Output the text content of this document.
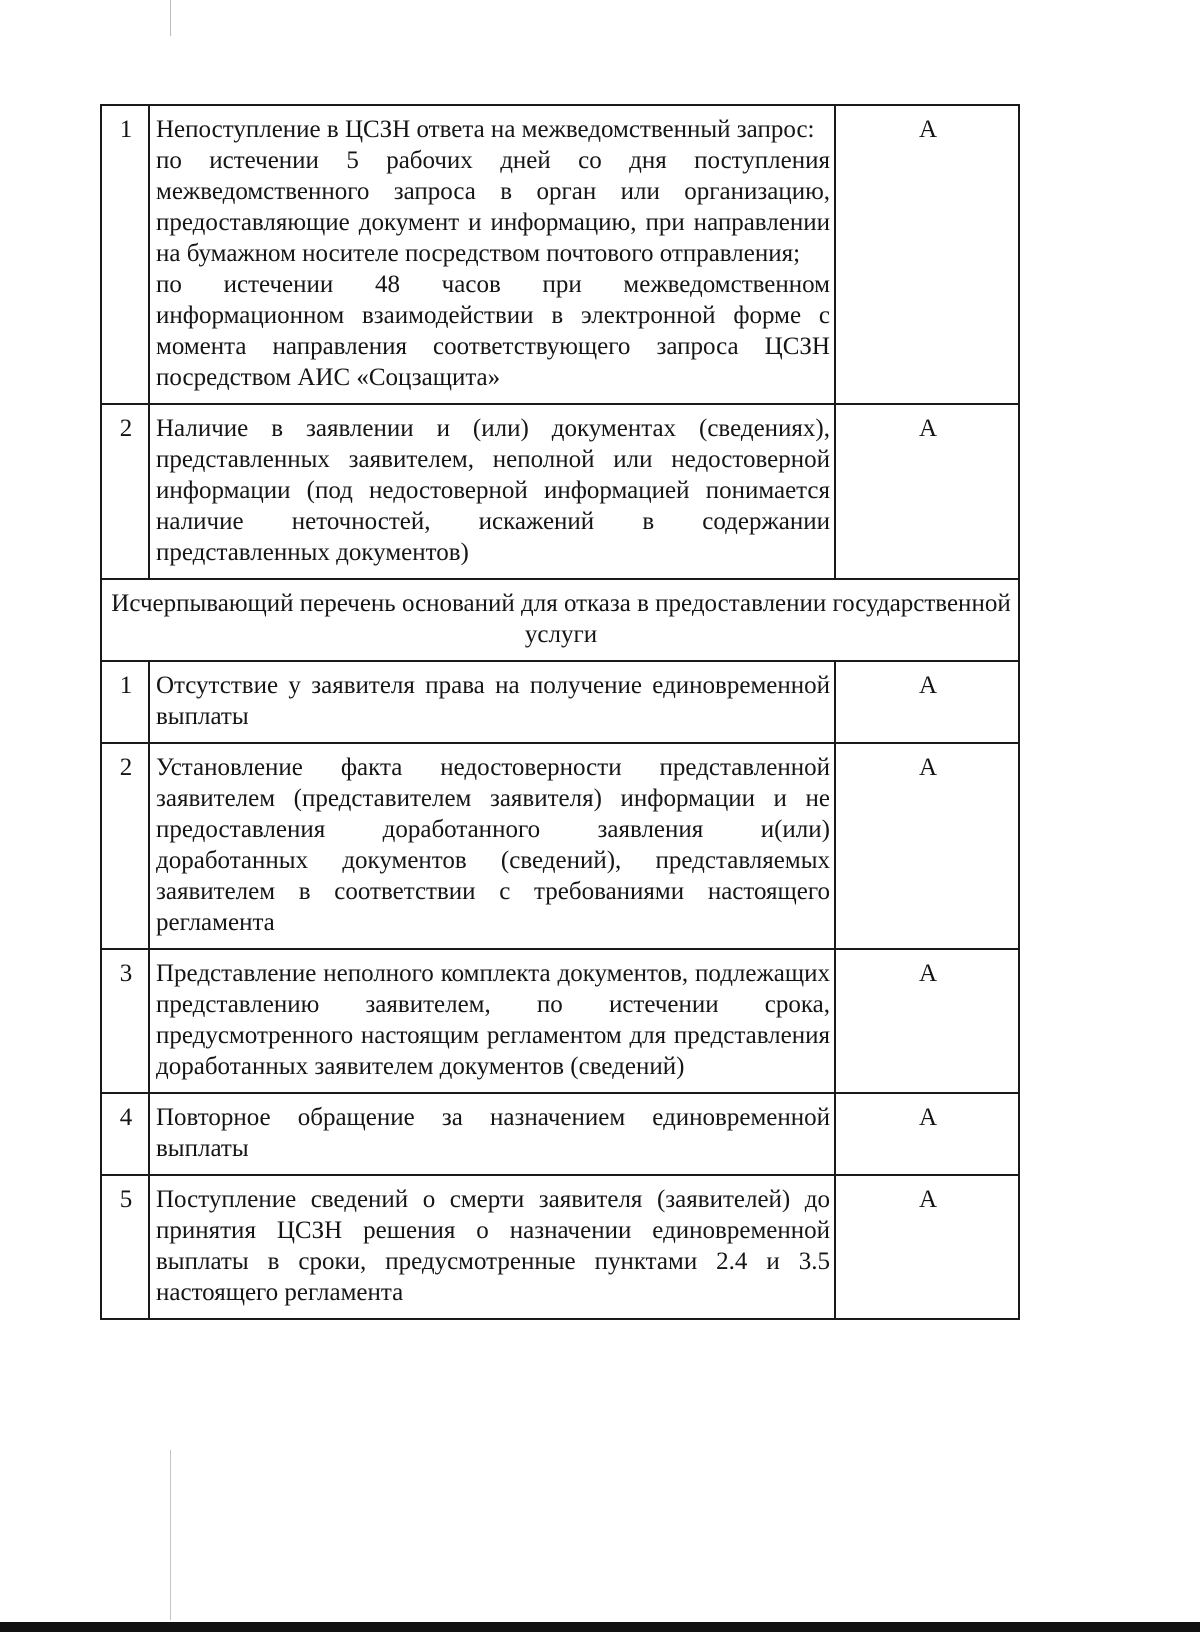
1	Непоступление в ЦСЗН ответа на межведомственный запрос:
по истечении 5 рабочих дней со дня поступления межведомственного запроса в орган или организацию, предоставляющие документ и информацию, при направлении на бумажном носителе посредством почтового отправления;
по истечении 48 часов при межведомственном информационном взаимодействии в электронной форме с момента направления соответствующего запроса ЦСЗН посредством АИС «Соцзащита»	А
2	Наличие в заявлении и (или) документах (сведениях), представленных заявителем, неполной или недостоверной информации (под недостоверной информацией понимается наличие неточностей, искажений в содержании представленных документов)	А
Исчерпывающий перечень оснований для отказа в предоставлении государственной услуги		
1	Отсутствие у заявителя права на получение единовременной выплаты	А
2	Установление факта недостоверности представленной заявителем (представителем заявителя) информации и не предоставления доработанного заявления и(или) доработанных документов (сведений), представляемых заявителем в соответствии с требованиями настоящего регламента	А
3	Представление неполного комплекта документов, подлежащих представлению заявителем, по истечении срока, предусмотренного настоящим регламентом для представления доработанных заявителем документов (сведений)	А
4	Повторное обращение за назначением единовременной выплаты	А
5	Поступление сведений о смерти заявителя (заявителей) до принятия ЦСЗН решения о назначении единовременной выплаты в сроки, предусмотренные пунктами 2.4 и 3.5 настоящего регламента	А
